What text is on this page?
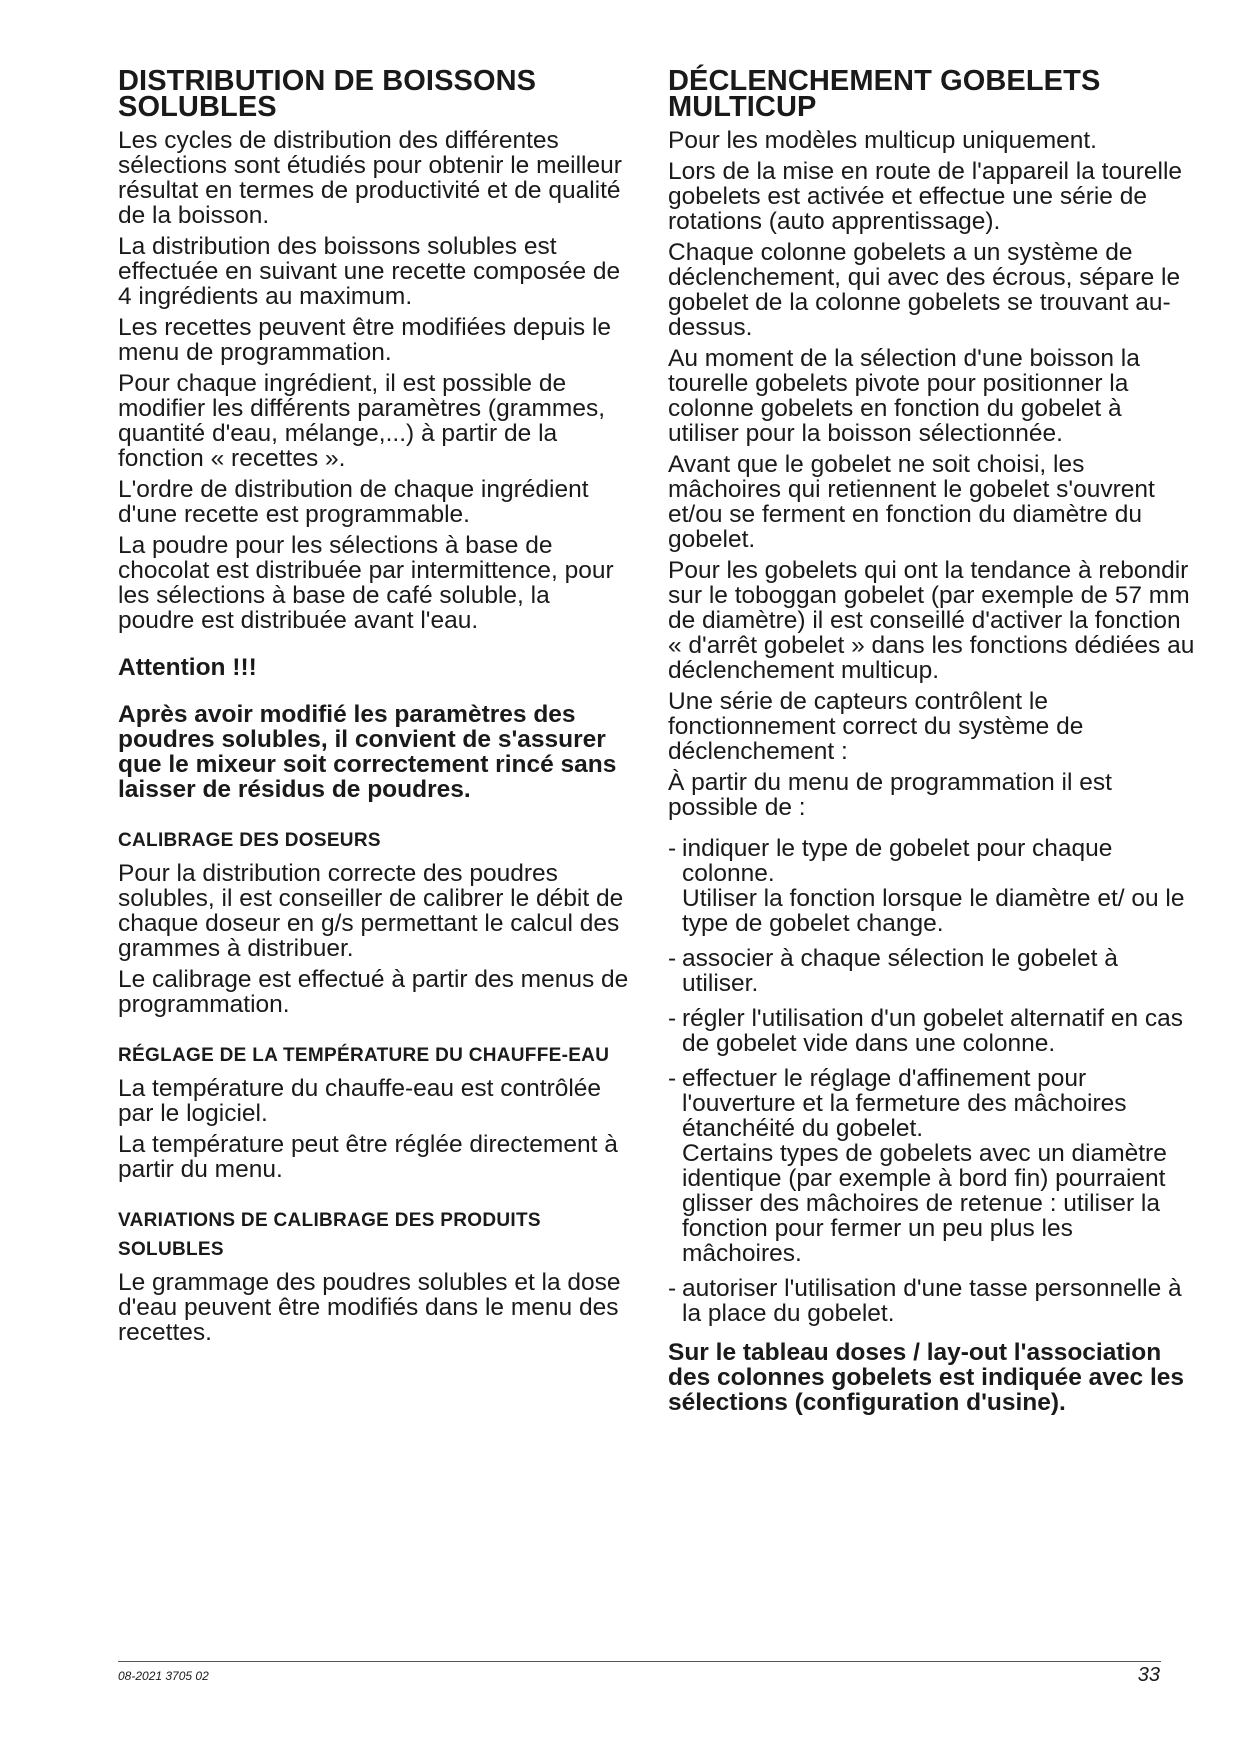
DISTRIBUTION DE BOISSONS SOLUBLES

Les cycles de distribution des différentes sélections sont étudiés pour obtenir le meilleur résultat en termes de productivité et de qualité de la boisson.

La distribution des boissons solubles est effectuée en suivant une recette composée de 4 ingrédients au maximum.

Les recettes peuvent être modifiées depuis le menu de programmation.

Pour chaque ingrédient, il est possible de modifier les différents paramètres (grammes, quantité d'eau, mélange,...) à partir de la fonction « recettes ».

L'ordre de distribution de chaque ingrédient d'une recette est programmable.

La poudre pour les sélections à base de chocolat est distribuée par intermittence, pour les sélections à base de café soluble, la poudre est distribuée avant l'eau.

Attention !!!

Après avoir modifié les paramètres des poudres solubles, il convient de s'assurer que le mixeur soit correctement rincé sans laisser de résidus de poudres.

CALIBRAGE DES DOSEURS

Pour la distribution correcte des poudres solubles, il est conseiller de calibrer le débit de chaque doseur en g/s permettant le calcul des grammes à distribuer.

Le calibrage est effectué à partir des menus de programmation.

RÉGLAGE DE LA TEMPÉRATURE DU CHAUFFE-EAU

La température du chauffe-eau est contrôlée par le logiciel.

La température peut être réglée directement à partir du menu.

VARIATIONS DE CALIBRAGE DES PRODUITS SOLUBLES

Le grammage des poudres solubles et la dose d'eau peuvent être modifiés dans le menu des recettes.

DÉCLENCHEMENT GOBELETS MULTICUP

Pour les modèles multicup uniquement.

Lors de la mise en route de l'appareil la tourelle gobelets est activée et effectue une série de rotations (auto apprentissage).

Chaque colonne gobelets a un système de déclenchement, qui avec des écrous, sépare le gobelet de la colonne gobelets se trouvant au-dessus.

Au moment de la sélection d'une boisson la tourelle gobelets pivote pour positionner la colonne gobelets en fonction du gobelet à utiliser pour la boisson sélectionnée.

Avant que le gobelet ne soit choisi, les mâchoires qui retiennent le gobelet s'ouvrent et/ou se ferment en fonction du diamètre du gobelet.

Pour les gobelets qui ont la tendance à rebondir sur le toboggan gobelet (par exemple de 57 mm de diamètre) il est conseillé d'activer la fonction « d'arrêt gobelet » dans les fonctions dédiées au déclenchement multicup.

Une série de capteurs contrôlent le fonctionnement correct du système de déclenchement :

À partir du menu de programmation il est possible de :

- indiquer le type de gobelet pour chaque colonne.
Utiliser la fonction lorsque le diamètre et/ ou le type de gobelet change.
- associer à chaque sélection le gobelet à utiliser.
- régler l'utilisation d'un gobelet alternatif en cas de gobelet vide dans une colonne.
- effectuer le réglage d'affinement pour l'ouverture et la fermeture des mâchoires étanchéité du gobelet.
Certains types de gobelets avec un diamètre identique (par exemple à bord fin) pourraient glisser des mâchoires de retenue : utiliser la fonction pour fermer un peu plus les mâchoires.
- autoriser l'utilisation d'une tasse personnelle à la place du gobelet.

Sur le tableau doses / lay-out l'association des colonnes gobelets est indiquée avec les sélections (configuration d'usine).

08-2021 3705 02	33
